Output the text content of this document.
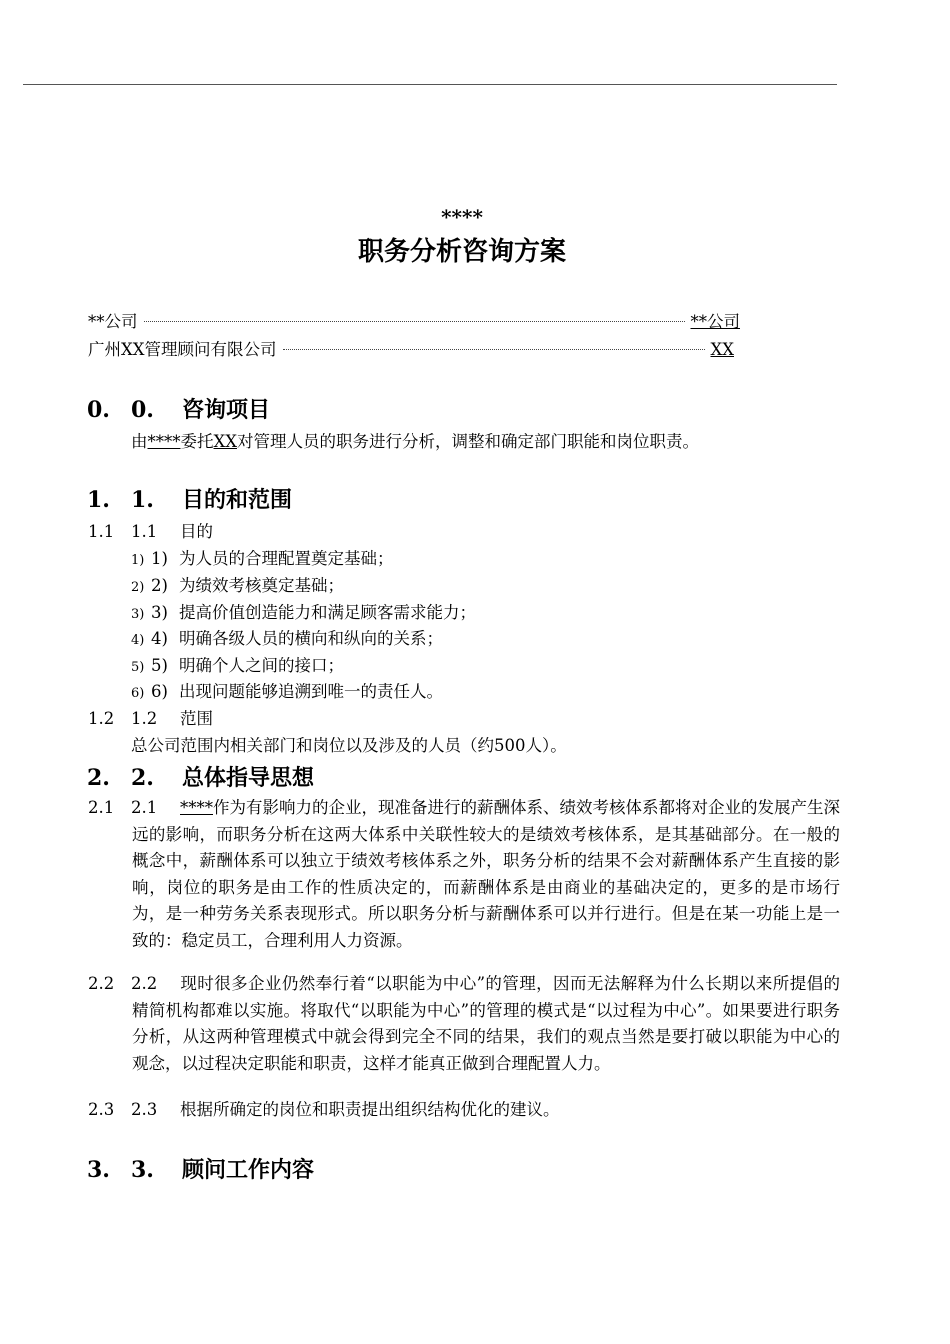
****
职务分析咨询方案
**公司	**公司
广州XX管理顾问有限公司	XX
0. 0. 咨询项目
由****委托XX对管理人员的职务进行分析，调整和确定部门职能和岗位职责。
1. 1. 目的和范围
1.1 1.1 目的
1) 1) 为人员的合理配置奠定基础；
2) 2) 为绩效考核奠定基础；
3) 3) 提高价值创造能力和满足顾客需求能力；
4) 4) 明确各级人员的横向和纵向的关系；
5) 5) 明确个人之间的接口；
6) 6) 出现问题能够追溯到唯一的责任人。
1.2 1.2 范围
总公司范围内相关部门和岗位以及涉及的人员（约500人）。
2. 2. 总体指导思想
2.1 2.1	****作为有影响力的企业，现准备进行的薪酬体系、绩效考核体系都将对企业的发展产生深远的影响，而职务分析在这两大体系中关联性较大的是绩效考核体系，是其基础部分。在一般的概念中，薪酬体系可以独立于绩效考核体系之外，职务分析的结果不会对薪酬体系产生直接的影响，岗位的职务是由工作的性质决定的，而薪酬体系是由商业的基础决定的，更多的是市场行为，是一种劳务关系表现形式。所以职务分析与薪酬体系可以并行进行。但是在某一功能上是一致的：稳定员工，合理利用人力资源。
2.2 2.2	现时很多企业仍然奉行着“以职能为中心”的管理，因而无法解释为什么长期以来所提倡的精简机构都难以实施。将取代“以职能为中心”的管理的模式是“以过程为中心”。如果要进行职务分析，从这两种管理模式中就会得到完全不同的结果，我们的观点当然是要打破以职能为中心的观念，以过程决定职能和职责，这样才能真正做到合理配置人力。
2.3 2.3	根据所确定的岗位和职责提出组织结构优化的建议。
3. 3. 顾问工作内容
